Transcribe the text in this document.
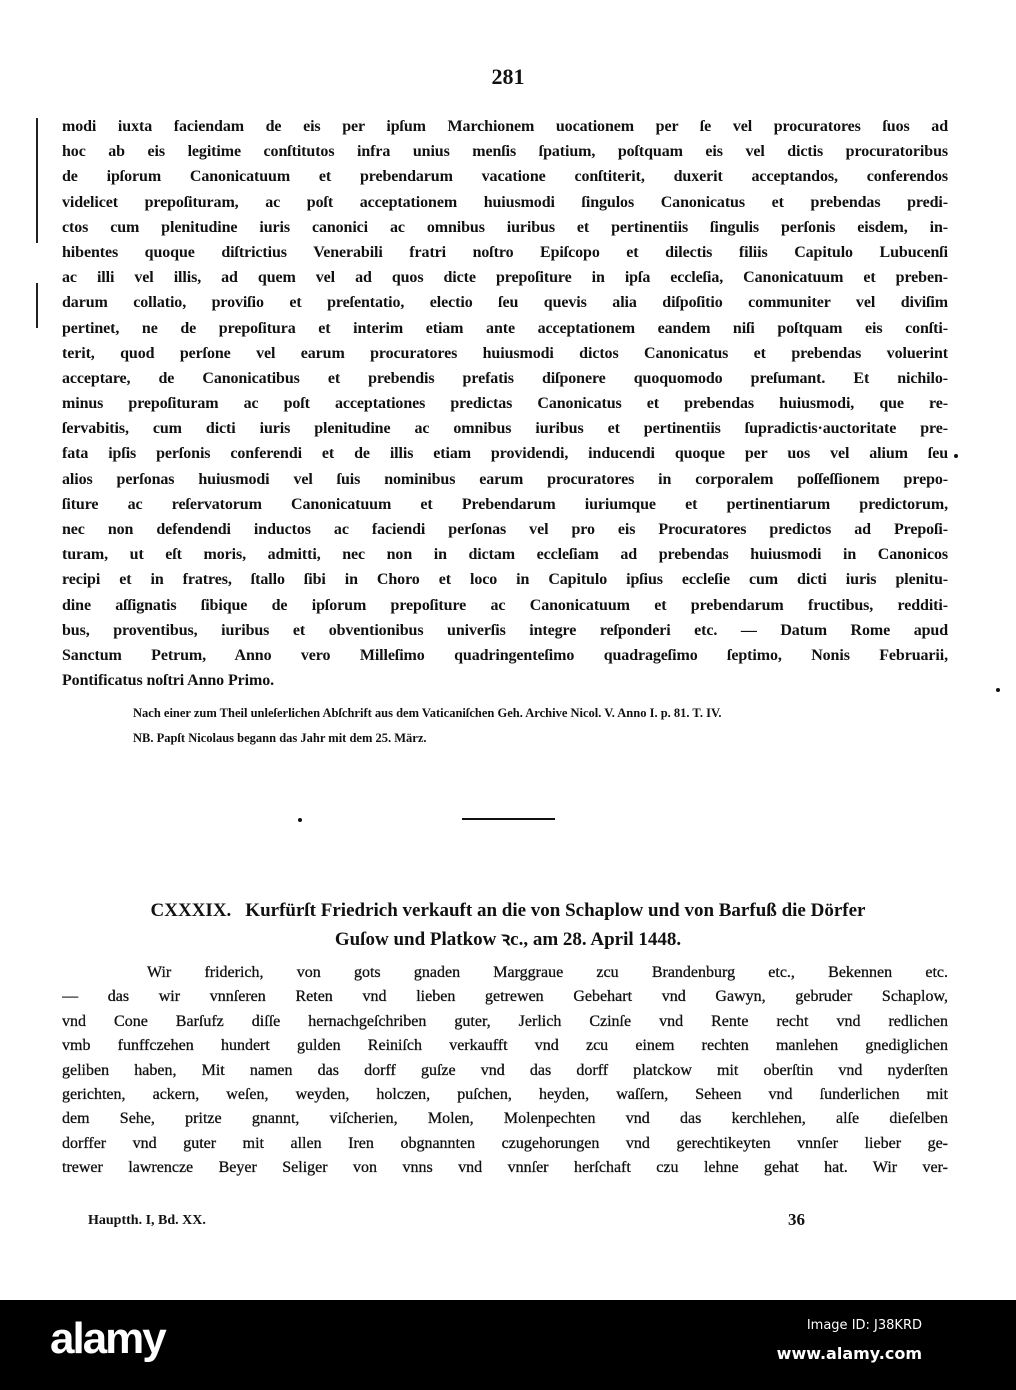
281
modi iuxta faciendam de eis per ipſum Marchionem uocationem per ſe vel procuratores ſuos ad
hoc ab eis legitime conſtitutos infra unius menſis ſpatium, poſtquam eis vel dictis procuratoribus
de ipſorum Canonicatuum et prebendarum vacatione conſtiterit, duxerit acceptandos, conferendos
videlicet prepoſituram, ac poſt acceptationem huiusmodi ſingulos Canonicatus et prebendas predi-
ctos cum plenitudine iuris canonici ac omnibus iuribus et pertinentiis ſingulis perſonis eisdem, in-
hibentes quoque diſtrictius Venerabili fratri noſtro Epiſcopo et dilectis filiis Capitulo Lubucenſi
ac illi vel illis, ad quem vel ad quos dicte prepoſiture in ipſa eccleſia, Canonicatuum et preben-
darum collatio, proviſio et preſentatio, electio ſeu quevis alia diſpoſitio communiter vel diviſim
pertinet, ne de prepoſitura et interim etiam ante acceptationem eandem niſi poſtquam eis conſti-
terit, quod perſone vel earum procuratores huiusmodi dictos Canonicatus et prebendas voluerint
acceptare, de Canonicatibus et prebendis prefatis diſponere quoquomodo preſumant. Et nichilo-
minus prepoſituram ac poſt acceptationes predictas Canonicatus et prebendas huiusmodi, que re-
ſervabitis, cum dicti iuris plenitudine ac omnibus iuribus et pertinentiis ſupradictis·auctoritate pre-
fata ipſis perſonis conferendi et de illis etiam providendi, inducendi quoque per uos vel alium ſeu
alios perſonas huiusmodi vel ſuis nominibus earum procuratores in corporalem poſſeſſionem prepo-
ſiture ac reſervatorum Canonicatuum et Prebendarum iuriumque et pertinentiarum predictorum,
nec non defendendi inductos ac faciendi perſonas vel pro eis Procuratores predictos ad Prepoſi-
turam, ut eſt moris, admitti, nec non in dictam eccleſiam ad prebendas huiusmodi in Canonicos
recipi et in fratres, ſtallo ſibi in Choro et loco in Capitulo ipſius eccleſie cum dicti iuris plenitu-
dine aſſignatis ſibique de ipſorum prepoſiture ac Canonicatuum et prebendarum fructibus, redditi-
bus, proventibus, iuribus et obventionibus univerſis integre reſponderi etc. — Datum Rome apud
Sanctum Petrum, Anno vero Milleſimo quadringenteſimo quadrageſimo ſeptimo, Nonis Februarii,
Pontificatus noſtri Anno Primo.
Nach einer zum Theil unleſerlichen Abſchrift aus dem Vaticaniſchen Geh. Archive Nicol. V. Anno I. p. 81. T. IV.
NB. Papſt Nicolaus begann das Jahr mit dem 25. März.
CXXXIX. Kurfürſt Friedrich verkauft an die von Schaplow und von Barfuß die Dörfer
Guſow und Platkow ꝛc., am 28. April 1448.
Wir friderich, von gots gnaden Marggraue zcu Brandenburg etc., Bekennen etc.
— das wir vnnſeren Reten vnd lieben getrewen Gebehart vnd Gawyn, gebruder Schaplow,
vnd Cone Barſufz diſſe hernachgeſchriben guter, Jerlich Czinſe vnd Rente recht vnd redlichen
vmb funffczehen hundert gulden Reiniſch verkaufft vnd zcu einem rechten manlehen gnediglichen
geliben haben, Mit namen das dorff guſze vnd das dorff platckow mit oberſtin vnd nyderſten
gerichten, ackern, weſen, weyden, holczen, puſchen, heyden, waſſern, Seheen vnd ſunderlichen mit
dem Sehe, pritze gnannt, viſcherien, Molen, Molenpechten vnd das kerchlehen, alſe dieſelben
dorffer vnd guter mit allen Iren obgnannten czugehorungen vnd gerechtikeyten vnnſer lieber ge-
trewer lawrencze Beyer Seliger von vnns vnd vnnſer herſchaft czu lehne gehat hat. Wir ver-
Hauptth. I, Bd. XX.	36
alamy	Image ID: J38KRD
www.alamy.com
